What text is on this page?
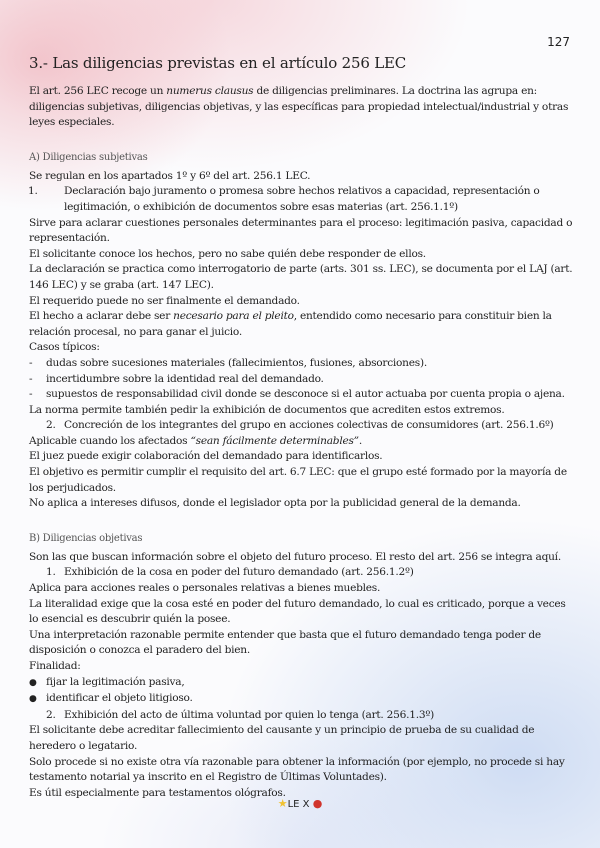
127
3.- Las diligencias previstas en el artículo 256 LEC

El art. 256 LEC recoge un numerus clausus de diligencias preliminares. La doctrina las agrupa en: diligencias subjetivas, diligencias objetivas, y las específicas para propiedad intelectual/industrial y otras leyes especiales.

A) Diligencias subjetivas

Se regulan en los apartados 1º y 6º del art. 256.1 LEC.

1. Declaración bajo juramento o promesa sobre hechos relativos a capacidad, representación o legitimación, o exhibición de documentos sobre esas materias (art. 256.1.1º)

Sirve para aclarar cuestiones personales determinantes para el proceso: legitimación pasiva, capacidad o representación.

El solicitante conoce los hechos, pero no sabe quién debe responder de ellos.

La declaración se practica como interrogatorio de parte (arts. 301 ss. LEC), se documenta por el LAJ (art. 146 LEC) y se graba (art. 147 LEC).

El requerido puede no ser finalmente el demandado.

El hecho a aclarar debe ser necesario para el pleito, entendido como necesario para constituir bien la relación procesal, no para ganar el juicio.

Casos típicos:

- dudas sobre sucesiones materiales (fallecimientos, fusiones, absorciones).

- incertidumbre sobre la identidad real del demandado.

- supuestos de responsabilidad civil donde se desconoce si el autor actuaba por cuenta propia o ajena.

La norma permite también pedir la exhibición de documentos que acrediten estos extremos.

2. Concreción de los integrantes del grupo en acciones colectivas de consumidores (art. 256.1.6º)

Aplicable cuando los afectados “sean fácilmente determinables”.

El juez puede exigir colaboración del demandado para identificarlos.

El objetivo es permitir cumplir el requisito del art. 6.7 LEC: que el grupo esté formado por la mayoría de los perjudicados.

No aplica a intereses difusos, donde el legislador opta por la publicidad general de la demanda.

B) Diligencias objetivas

Son las que buscan información sobre el objeto del futuro proceso. El resto del art. 256 se integra aquí.

1. Exhibición de la cosa en poder del futuro demandado (art. 256.1.2º)

Aplica para acciones reales o personales relativas a bienes muebles.

La literalidad exige que la cosa esté en poder del futuro demandado, lo cual es criticado, porque a veces lo esencial es descubrir quién la posee.

Una interpretación razonable permite entender que basta que el futuro demandado tenga poder de disposición o conozca el paradero del bien.

Finalidad:

● fijar la legitimación pasiva,

● identificar el objeto litigioso.

2. Exhibición del acto de última voluntad por quien lo tenga (art. 256.1.3º)

El solicitante debe acreditar fallecimiento del causante y un principio de prueba de su cualidad de heredero o legatario.

Solo procede si no existe otra vía razonable para obtener la información (por ejemplo, no procede si hay testamento notarial ya inscrito en el Registro de Últimas Voluntades).

Es útil especialmente para testamentos ológrafos.

★LE X ●
